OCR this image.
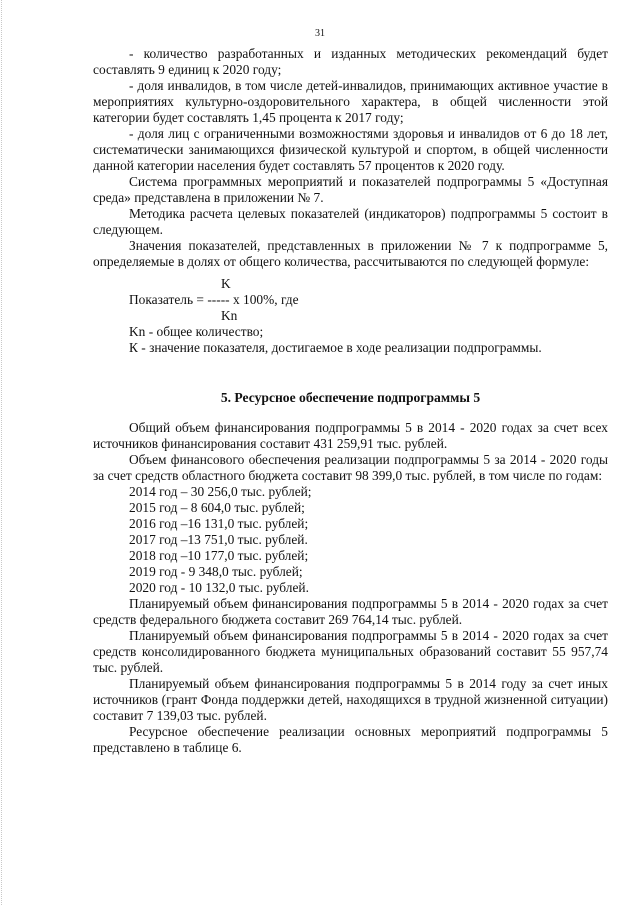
31

- количество разработанных и изданных методических рекомендаций будет составлять 9 единиц к 2020 году;

- доля инвалидов, в том числе детей-инвалидов, принимающих активное участие в мероприятиях культурно-оздоровительного характера, в общей численности этой категории будет составлять 1,45 процента к 2017 году;

- доля лиц с ограниченными возможностями здоровья и инвалидов от 6 до 18 лет, систематически занимающихся физической культурой и спортом, в общей численности данной категории населения будет составлять 57 процентов к 2020 году.

Система программных мероприятий и показателей подпрограммы 5 «Доступная среда» представлена в приложении № 7.

Методика расчета целевых показателей (индикаторов) подпрограммы 5 состоит в следующем.

Значения показателей, представленных в приложении № 7 к подпрограмме 5, определяемые в долях от общего количества, рассчитываются по следующей формуле:

K

Показатель = ----- x 100%, где

Kn

Kn - общее количество;

К - значение показателя, достигаемое в ходе реализации подпрограммы.

5. Ресурсное обеспечение подпрограммы 5

Общий объем финансирования подпрограммы 5 в 2014 - 2020 годах за счет всех источников финансирования составит 431 259,91 тыс. рублей.

Объем финансового обеспечения реализации подпрограммы 5 за 2014 - 2020 годы за счет средств областного бюджета составит 98 399,0 тыс. рублей, в том числе по годам:

2014 год – 30 256,0 тыс. рублей;

2015 год – 8 604,0 тыс. рублей;

2016 год –16 131,0 тыс. рублей;

2017 год –13 751,0 тыс. рублей.

2018 год –10 177,0 тыс. рублей;

2019 год - 9 348,0 тыс. рублей;

2020 год - 10 132,0 тыс. рублей.

Планируемый объем финансирования подпрограммы 5 в 2014 - 2020 годах за счет средств федерального бюджета составит 269 764,14 тыс. рублей.

Планируемый объем финансирования подпрограммы 5 в 2014 - 2020 годах за счет средств консолидированного бюджета муниципальных образований составит 55 957,74 тыс. рублей.

Планируемый объем финансирования подпрограммы 5 в 2014 году за счет иных источников (грант Фонда поддержки детей, находящихся в трудной жизненной ситуации) составит 7 139,03 тыс. рублей.

Ресурсное обеспечение реализации основных мероприятий подпрограммы 5 представлено в таблице 6.
